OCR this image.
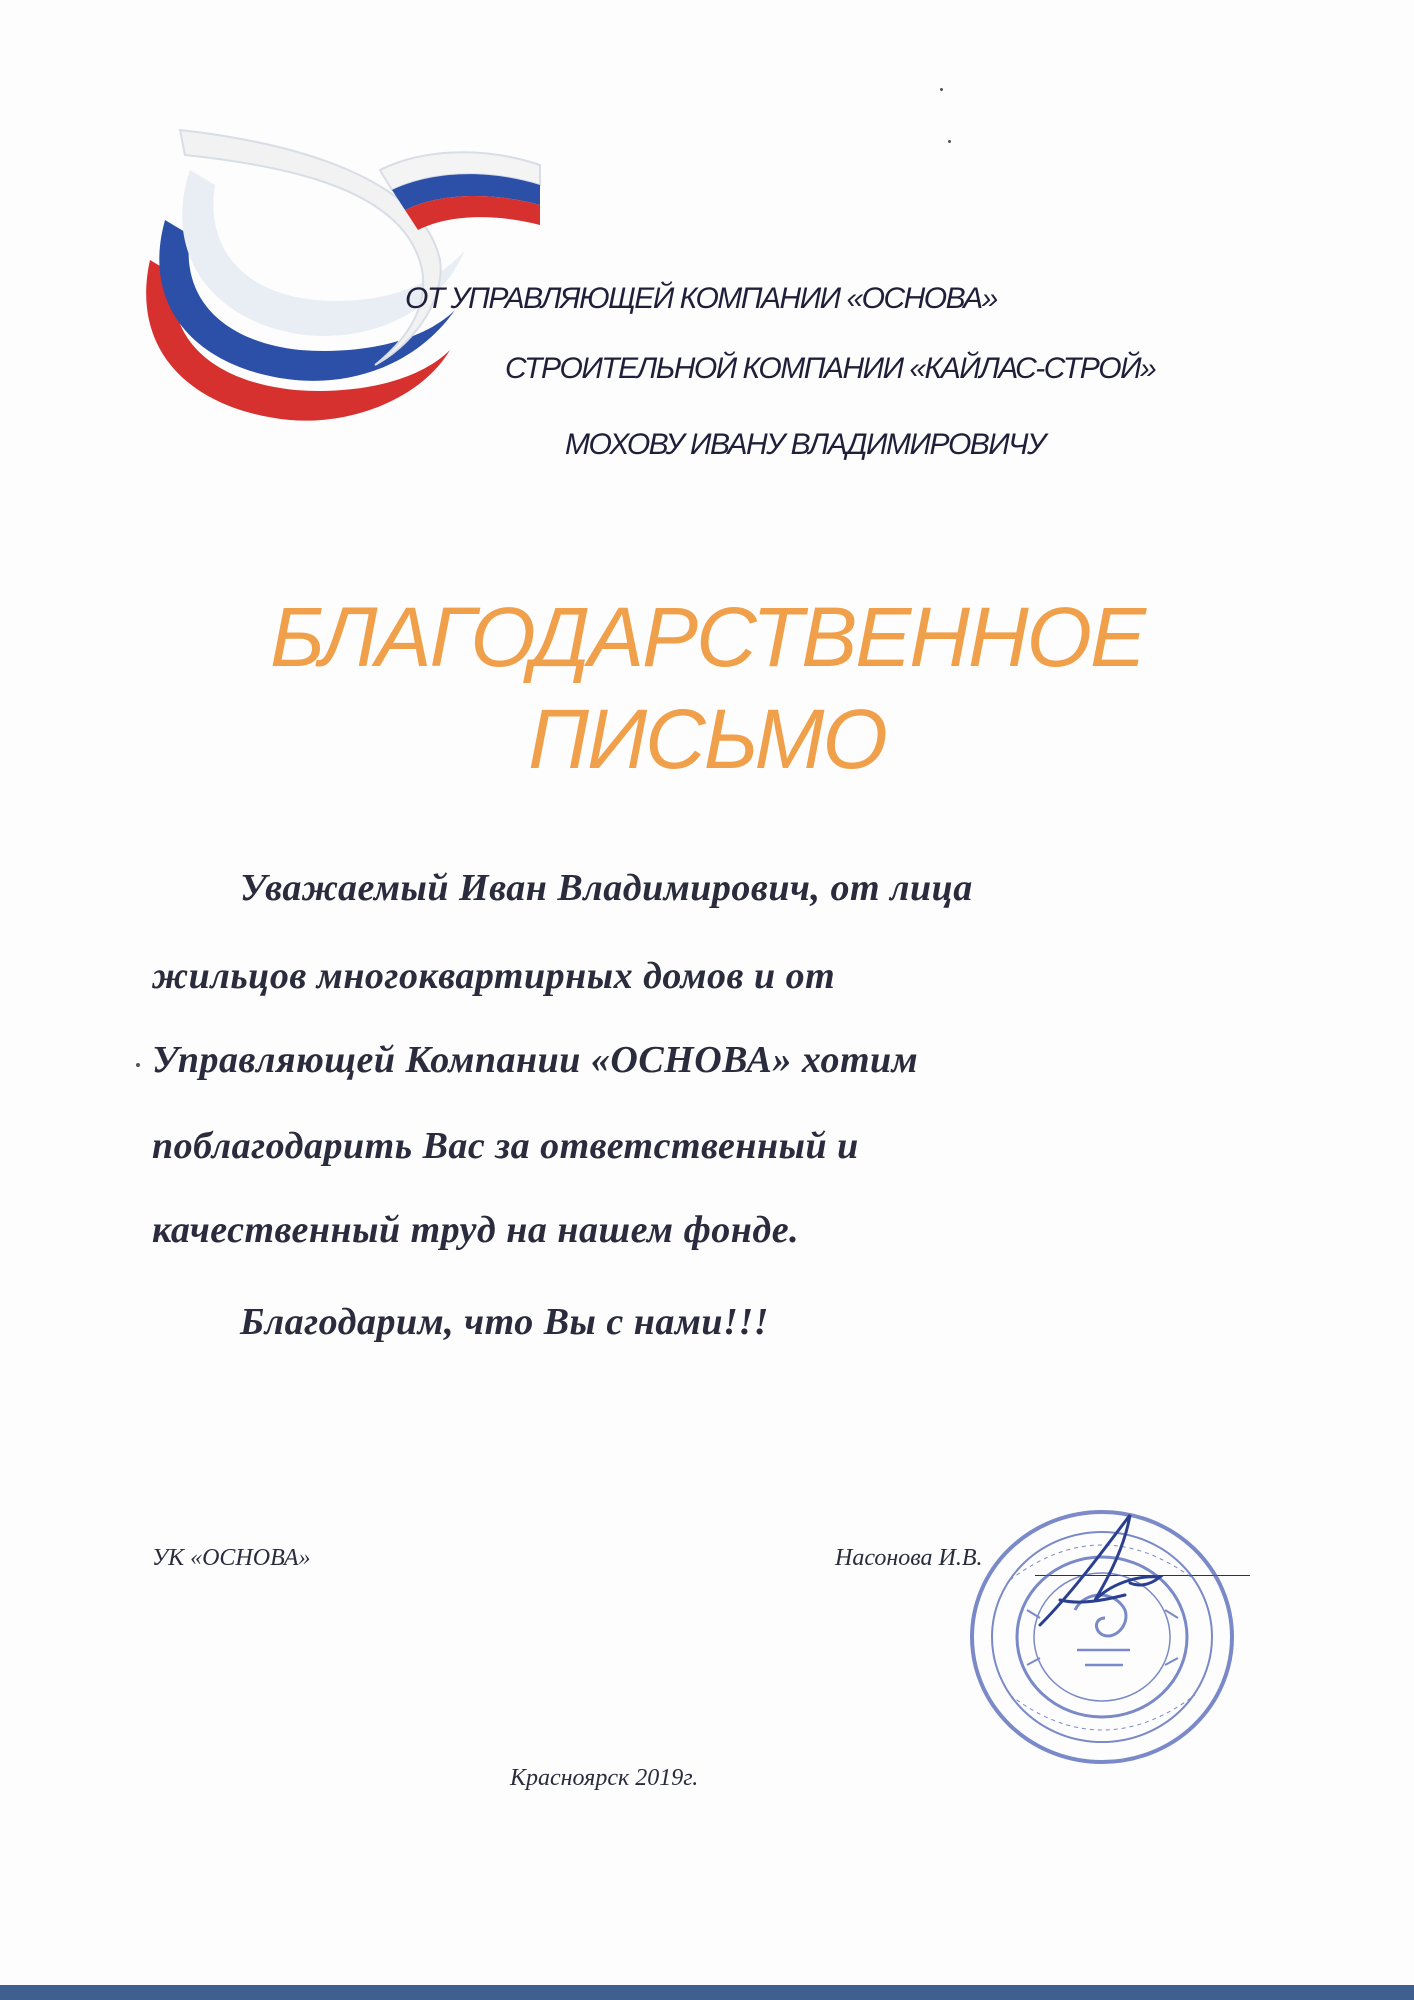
ОТ УПРАВЛЯЮЩЕЙ КОМПАНИИ «ОСНОВА»
СТРОИТЕЛЬНОЙ КОМПАНИИ «КАЙЛАС-СТРОЙ»
МОХОВУ ИВАНУ ВЛАДИМИРОВИЧУ
БЛАГОДАРСТВЕННОЕ
ПИСЬМО
Уважаемый Иван Владимирович, от лица
жильцов многоквартирных домов и от
Управляющей Компании «ОСНОВА» хотим
поблагодарить Вас за ответственный и
качественный труд на нашем фонде.
Благодарим, что Вы с нами!!!
УК «ОСНОВА»	Насонова И.В.
Красноярск 2019г.
